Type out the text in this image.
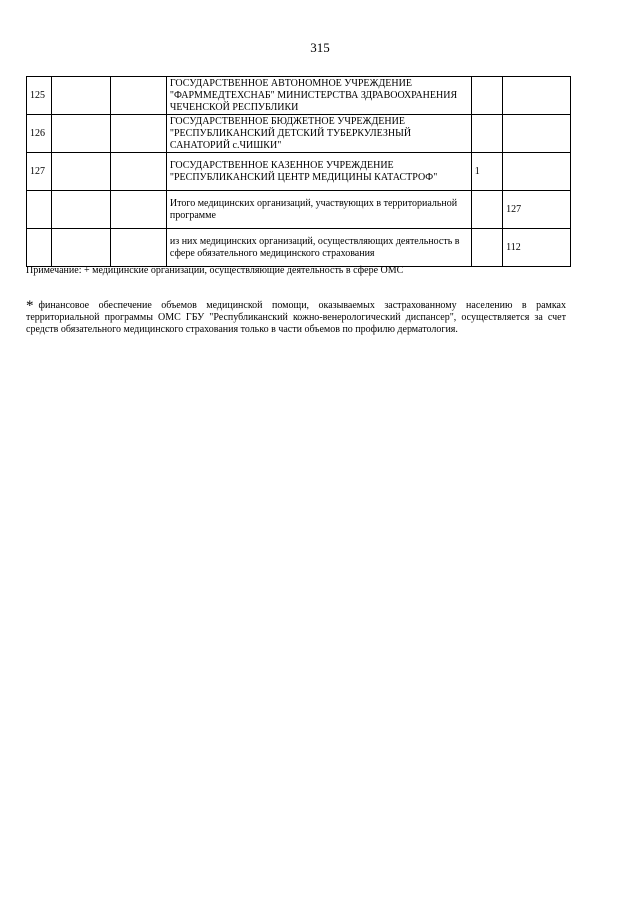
315
125			ГОСУДАРСТВЕННОЕ АВТОНОМНОЕ УЧРЕЖДЕНИЕ "ФАРММЕДТЕХСНАБ" МИНИСТЕРСТВА ЗДРАВООХРАНЕНИЯ ЧЕЧЕНСКОЙ РЕСПУБЛИКИ		
126			ГОСУДАРСТВЕННОЕ БЮДЖЕТНОЕ УЧРЕЖДЕНИЕ "РЕСПУБЛИКАНСКИЙ ДЕТСКИЙ ТУБЕРКУЛЕЗНЫЙ САНАТОРИЙ с.ЧИШКИ"		
127			ГОСУДАРСТВЕННОЕ КАЗЕННОЕ УЧРЕЖДЕНИЕ "РЕСПУБЛИКАНСКИЙ ЦЕНТР МЕДИЦИНЫ КАТАСТРОФ"	1	
			Итого медицинских организаций, участвующих в территориальной программе		127
			из них медицинских организаций, осуществляющих деятельность в сфере обязательного медицинского страхования		112
Примечание: + медицинские организации, осуществляющие деятельность в сфере ОМС
* финансовое обеспечение объемов медицинской помощи, оказываемых застрахованному населению в рамках территориальной программы ОМС ГБУ "Республиканский кожно-венерологический диспансер", осуществляется за счет средств обязательного медицинского страхования только в части объемов по профилю дерматология.
